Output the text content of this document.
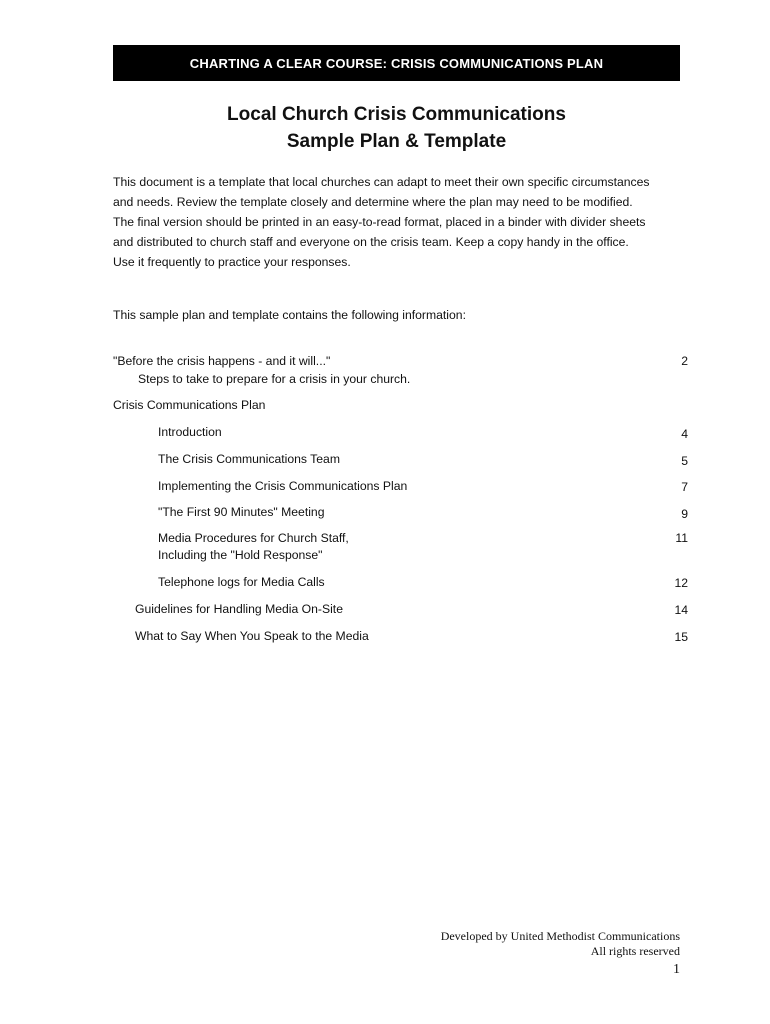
CHARTING A CLEAR COURSE: CRISIS COMMUNICATIONS PLAN
Local Church Crisis Communications
Sample Plan & Template
This document is a template that local churches can adapt to meet their own specific circumstances
and needs. Review the template closely and determine where the plan may need to be modified.
The final version should be printed in an easy-to-read format, placed in a binder with divider sheets
and distributed to church staff and everyone on the crisis team. Keep a copy handy in the office.
Use it frequently to practice your responses.
This sample plan and template contains the following information:
"Before the crisis happens - and it will..."	2
Steps to take to prepare for a crisis in your church.
Crisis Communications Plan
Introduction	4
The Crisis Communications Team	5
Implementing the Crisis Communications Plan	7
"The First 90 Minutes" Meeting	9
Media Procedures for Church Staff,	11
Including the "Hold Response"
Telephone logs for Media Calls	12
Guidelines for Handling Media On-Site	14
What to Say When You Speak to the Media	15
Developed by United Methodist Communications
All rights reserved
1
